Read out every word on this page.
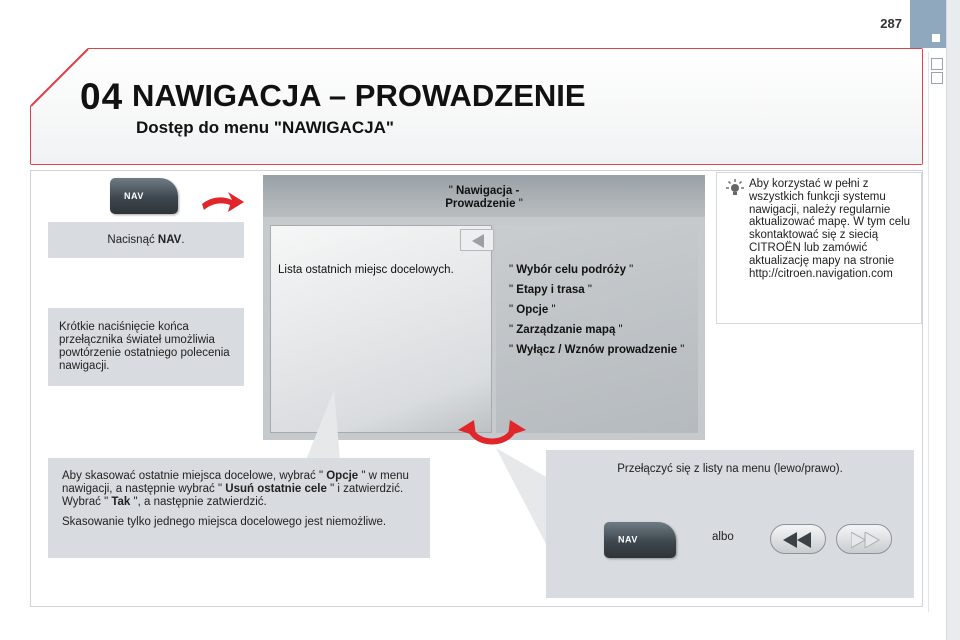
287
04 NAWIGACJA – PROWADZENIE
Dostęp do menu "NAWIGACJA"
NAV
Nacisnąć NAV.
Krótkie naciśnięcie końca przełącznika świateł umożliwia powtórzenie ostatniego polecenia nawigacji.
" Nawigacja -
Prowadzenie "
Lista ostatnich miejsc docelowych.	" Wybór celu podróży "
" Etapy i trasa "
" Opcje "
" Zarządzanie mapą "
" Wyłącz / Wznów prowadzenie "
Aby korzystać w pełni z wszystkich funkcji systemu nawigacji, należy regularnie aktualizować mapę. W tym celu skontaktować się z siecią CITROËN lub zamówić aktualizację mapy na stronie http://citroen.navigation.com
Aby skasować ostatnie miejsca docelowe, wybrać " Opcje " w menu nawigacji, a następnie wybrać " Usuń ostatnie cele " i zatwierdzić. Wybrać " Tak ", a następnie zatwierdzić.
Skasowanie tylko jednego miejsca docelowego jest niemożliwe.
Przełączyć się z listy na menu (lewo/prawo).
NAV	albo
